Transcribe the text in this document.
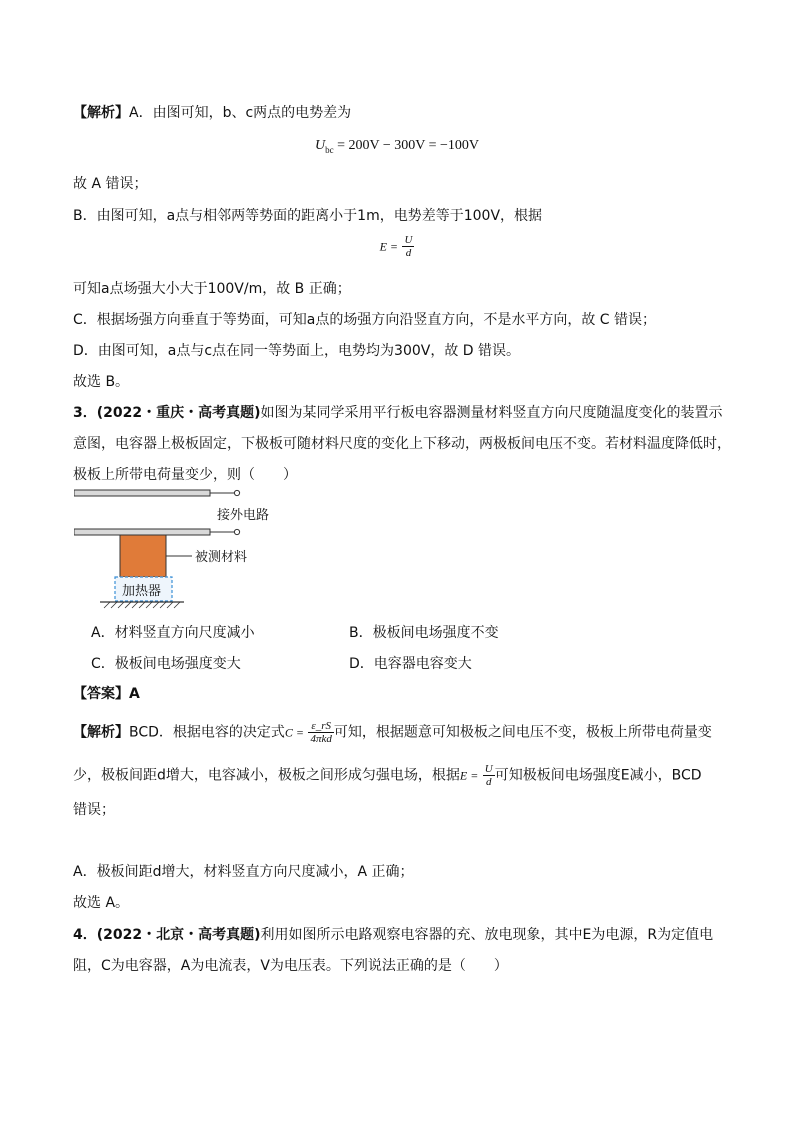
【解析】A．由图可知，b、c两点的电势差为
$U_{bc} = 200V - 300V = -100V$
故 A 错误；
B．由图可知，a点与相邻两等势面的距离小于1m，电势差等于100V，根据
$E = \frac{U}{d}$
可知a点场强大小大于100V/m，故 B 正确；
C．根据场强方向垂直于等势面，可知a点的场强方向沿竖直方向，不是水平方向，故 C 错误；
D．由图可知，a点与c点在同一等势面上，电势均为300V，故 D 错误。
故选 B。
3．(2022・重庆・高考真题)如图为某同学采用平行板电容器测量材料竖直方向尺度随温度变化的装置示
意图，电容器上极板固定，下极板可随材料尺度的变化上下移动，两极板间电压不变。若材料温度降低时，
极板上所带电荷量变少，则（　　）
接外电路
被测材料
加热器
A．材料竖直方向尺度减小	B．极板间电场强度不变
C．极板间电场强度变大	D．电容器电容变大
【答案】A
【解析】BCD．根据电容的决定式$C = \frac{\varepsilon\_rS}{\text{4πkd}}$ 可知，根据题意可知极板之间电压不变，极板上所带电荷量变
少，极板间距d增大，电容减小，极板之间形成匀强电场，根据$E = \frac{U}{d}$ 可知极板间电场强度E减小，BCD
错误；
A．极板间距d增大，材料竖直方向尺度减小，A 正确；
故选 A。
4．(2022・北京・高考真题)利用如图所示电路观察电容器的充、放电现象，其中E为电源，R为定值电
阻，C为电容器，A为电流表，V为电压表。下列说法正确的是（　　）
